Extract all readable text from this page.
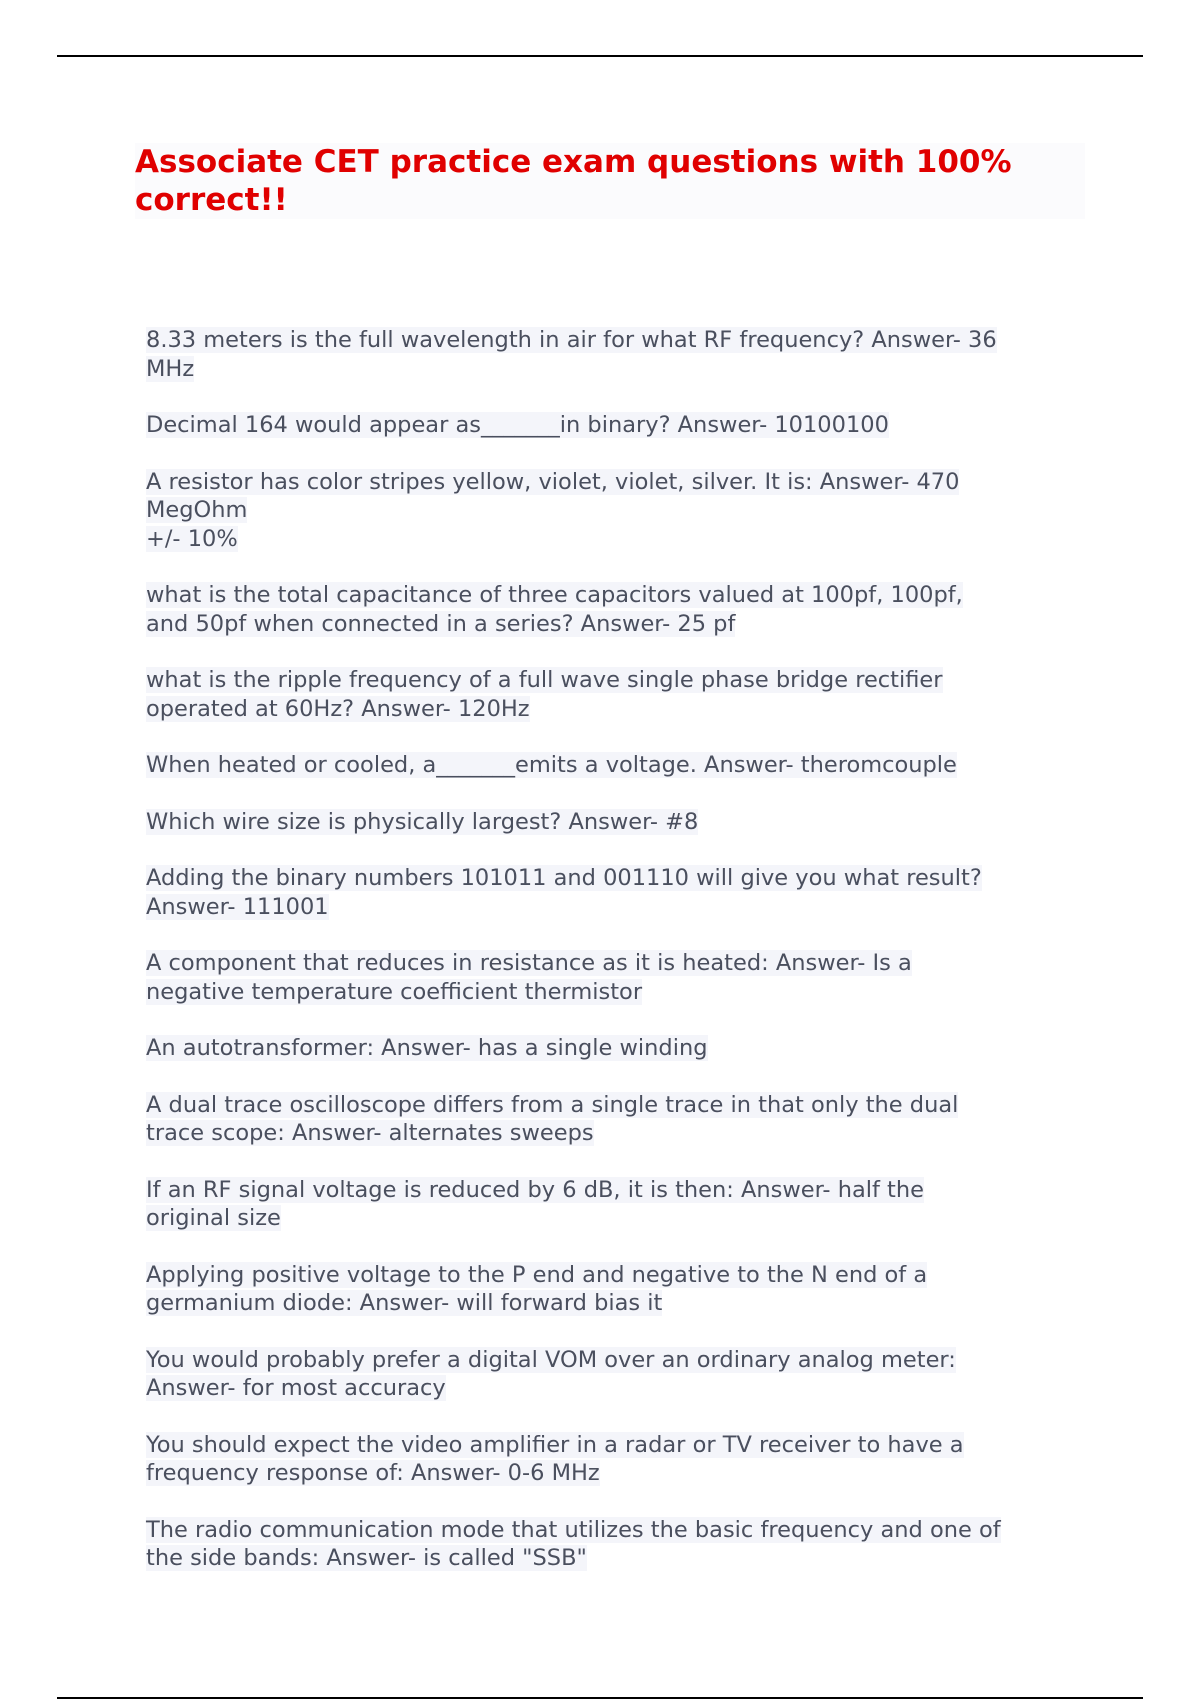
Associate CET practice exam questions with 100% correct!!
8.33 meters is the full wavelength in air for what RF frequency? Answer- 36
MHz
Decimal 164 would appear as_______in binary? Answer- 10100100
A resistor has color stripes yellow, violet, violet, silver. It is: Answer- 470
MegOhm
+/- 10%
what is the total capacitance of three capacitors valued at 100pf, 100pf,
and 50pf when connected in a series? Answer- 25 pf
what is the ripple frequency of a full wave single phase bridge rectifier
operated at 60Hz? Answer- 120Hz
When heated or cooled, a_______emits a voltage. Answer- theromcouple
Which wire size is physically largest? Answer- #8
Adding the binary numbers 101011 and 001110 will give you what result?
Answer- 111001
A component that reduces in resistance as it is heated: Answer- Is a
negative temperature coefficient thermistor
An autotransformer: Answer- has a single winding
A dual trace oscilloscope differs from a single trace in that only the dual
trace scope: Answer- alternates sweeps
If an RF signal voltage is reduced by 6 dB, it is then: Answer- half the
original size
Applying positive voltage to the P end and negative to the N end of a
germanium diode: Answer- will forward bias it
You would probably prefer a digital VOM over an ordinary analog meter:
Answer- for most accuracy
You should expect the video amplifier in a radar or TV receiver to have a
frequency response of: Answer- 0-6 MHz
The radio communication mode that utilizes the basic frequency and one of
the side bands: Answer- is called "SSB"
